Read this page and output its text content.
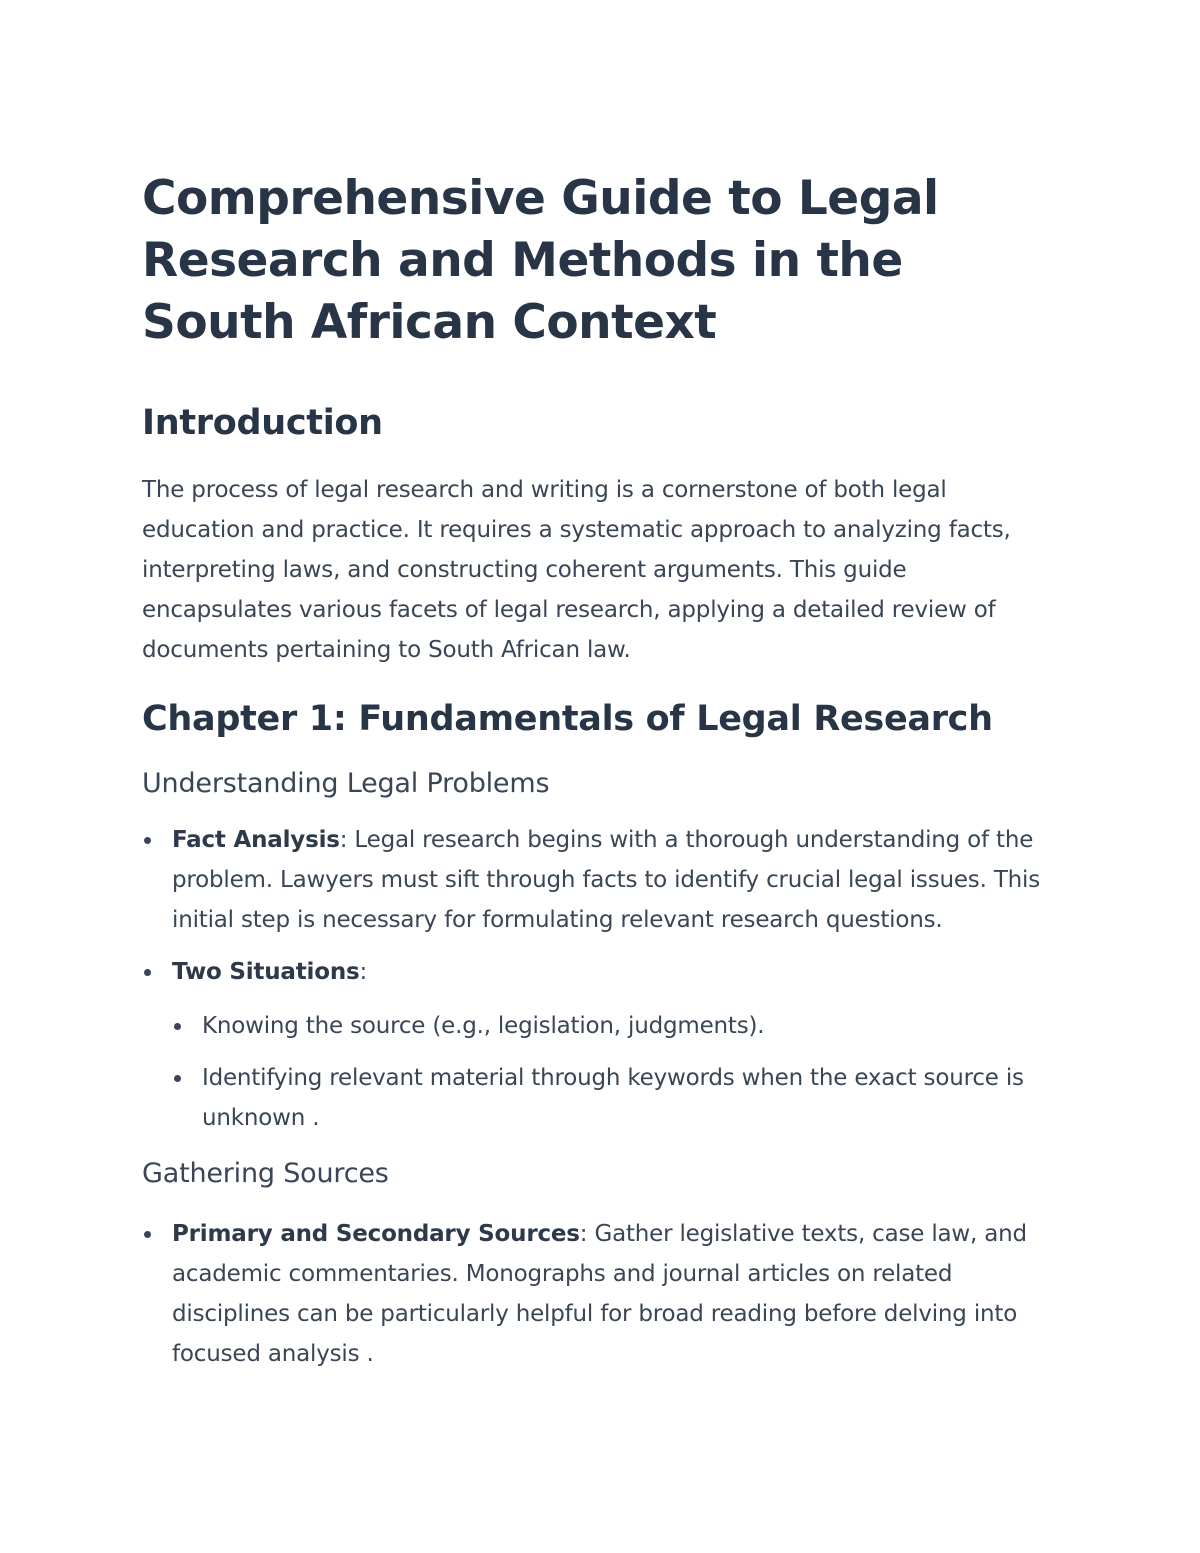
Comprehensive Guide to Legal Research and Methods in the South African Context
Introduction

The process of legal research and writing is a cornerstone of both legal education and practice. It requires a systematic approach to analyzing facts, interpreting laws, and constructing coherent arguments. This guide encapsulates various facets of legal research, applying a detailed review of documents pertaining to South African law.

Chapter 1: Fundamentals of Legal Research
Understanding Legal Problems
Fact Analysis: Legal research begins with a thorough understanding of the problem. Lawyers must sift through facts to identify crucial legal issues. This initial step is necessary for formulating relevant research questions.
Two Situations:
Knowing the source (e.g., legislation, judgments).
Identifying relevant material through keywords when the exact source is unknown .
Gathering Sources
Primary and Secondary Sources: Gather legislative texts, case law, and academic commentaries. Monographs and journal articles on related disciplines can be particularly helpful for broad reading before delving into focused analysis .
